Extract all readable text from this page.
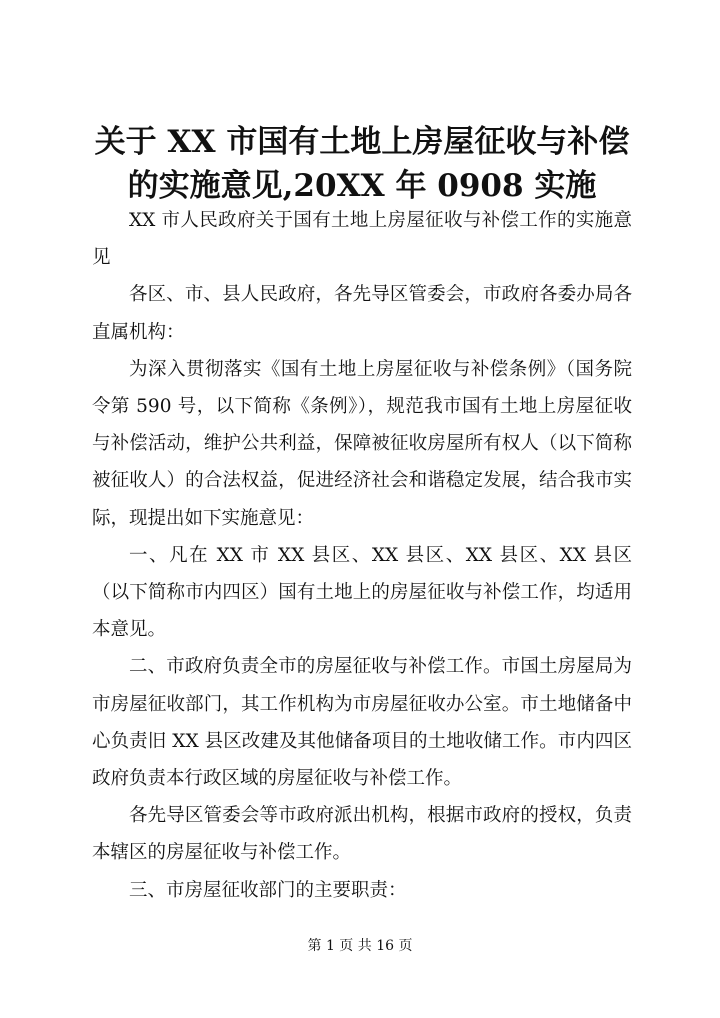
关于 XX 市国有土地上房屋征收与补偿的实施意见,20XX 年 0908 实施

XX 市人民政府关于国有土地上房屋征收与补偿工作的实施意见

各区、市、县人民政府，各先导区管委会，市政府各委办局各直属机构：

为深入贯彻落实《国有土地上房屋征收与补偿条例》（国务院令第 590 号，以下简称《条例》），规范我市国有土地上房屋征收与补偿活动，维护公共利益，保障被征收房屋所有权人（以下简称被征收人）的合法权益，促进经济社会和谐稳定发展，结合我市实际，现提出如下实施意见：

一、凡在 XX 市 XX 县区、XX 县区、XX 县区、XX 县区（以下简称市内四区）国有土地上的房屋征收与补偿工作，均适用本意见。

二、市政府负责全市的房屋征收与补偿工作。市国土房屋局为市房屋征收部门，其工作机构为市房屋征收办公室。市土地储备中心负责旧 XX 县区改建及其他储备项目的土地收储工作。市内四区政府负责本行政区域的房屋征收与补偿工作。

各先导区管委会等市政府派出机构，根据市政府的授权，负责本辖区的房屋征收与补偿工作。

三、市房屋征收部门的主要职责：

第 1 页 共 16 页
